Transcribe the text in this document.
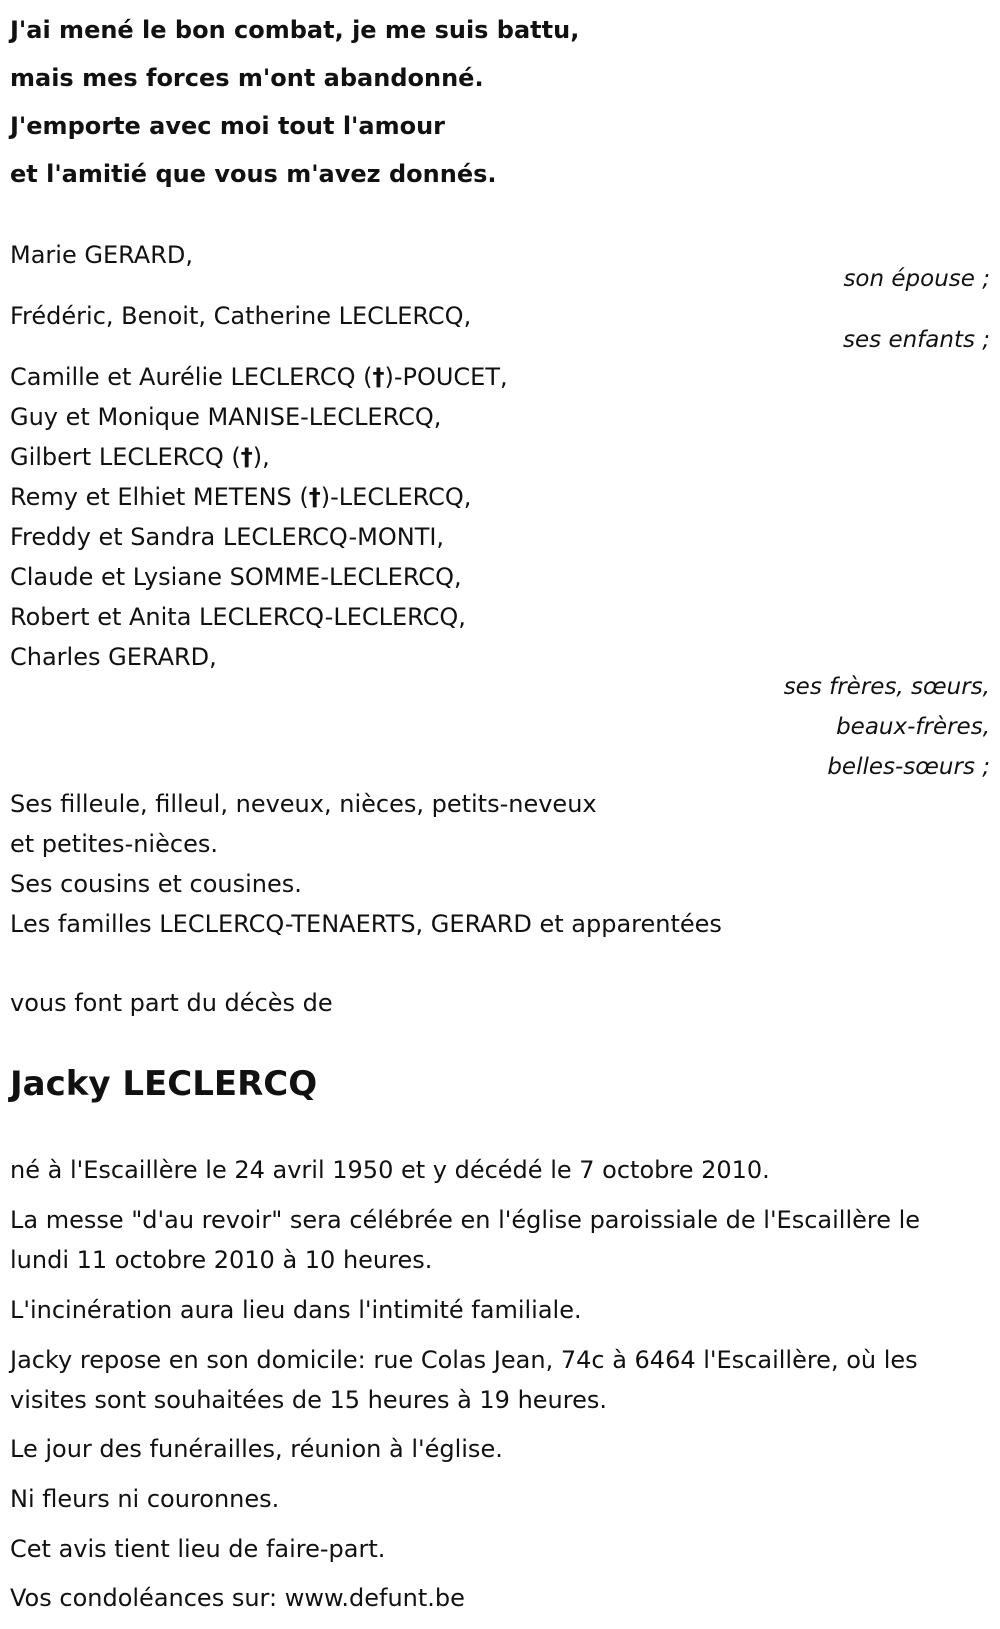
J'ai mené le bon combat, je me suis battu,
mais mes forces m'ont abandonné.
J'emporte avec moi tout l'amour
et l'amitié que vous m'avez donnés.
Marie GERARD,
son épouse ;
Frédéric, Benoit, Catherine LECLERCQ,
ses enfants ;
Camille et Aurélie LECLERCQ (†)-POUCET,
Guy et Monique MANISE-LECLERCQ,
Gilbert LECLERCQ (†),
Remy et Elhiet METENS (†)-LECLERCQ,
Freddy et Sandra LECLERCQ-MONTI,
Claude et Lysiane SOMME-LECLERCQ,
Robert et Anita LECLERCQ-LECLERCQ,
Charles GERARD,
ses frères, sœurs,
beaux-frères,
belles-sœurs ;
Ses filleule, filleul, neveux, nièces, petits-neveux
et petites-nièces.
Ses cousins et cousines.
Les familles LECLERCQ-TENAERTS, GERARD et apparentées
vous font part du décès de
Jacky LECLERCQ
né à l'Escaillère le 24 avril 1950 et y décédé le 7 octobre 2010.
La messe "d'au revoir" sera célébrée en l'église paroissiale de l'Escaillère le lundi 11 octobre 2010 à 10 heures.
L'incinération aura lieu dans l'intimité familiale.
Jacky repose en son domicile: rue Colas Jean, 74c à 6464 l'Escaillère, où les visites sont souhaitées de 15 heures à 19 heures.
Le jour des funérailles, réunion à l'église.
Ni fleurs ni couronnes.
Cet avis tient lieu de faire-part.
Vos condoléances sur: www.defunt.be
